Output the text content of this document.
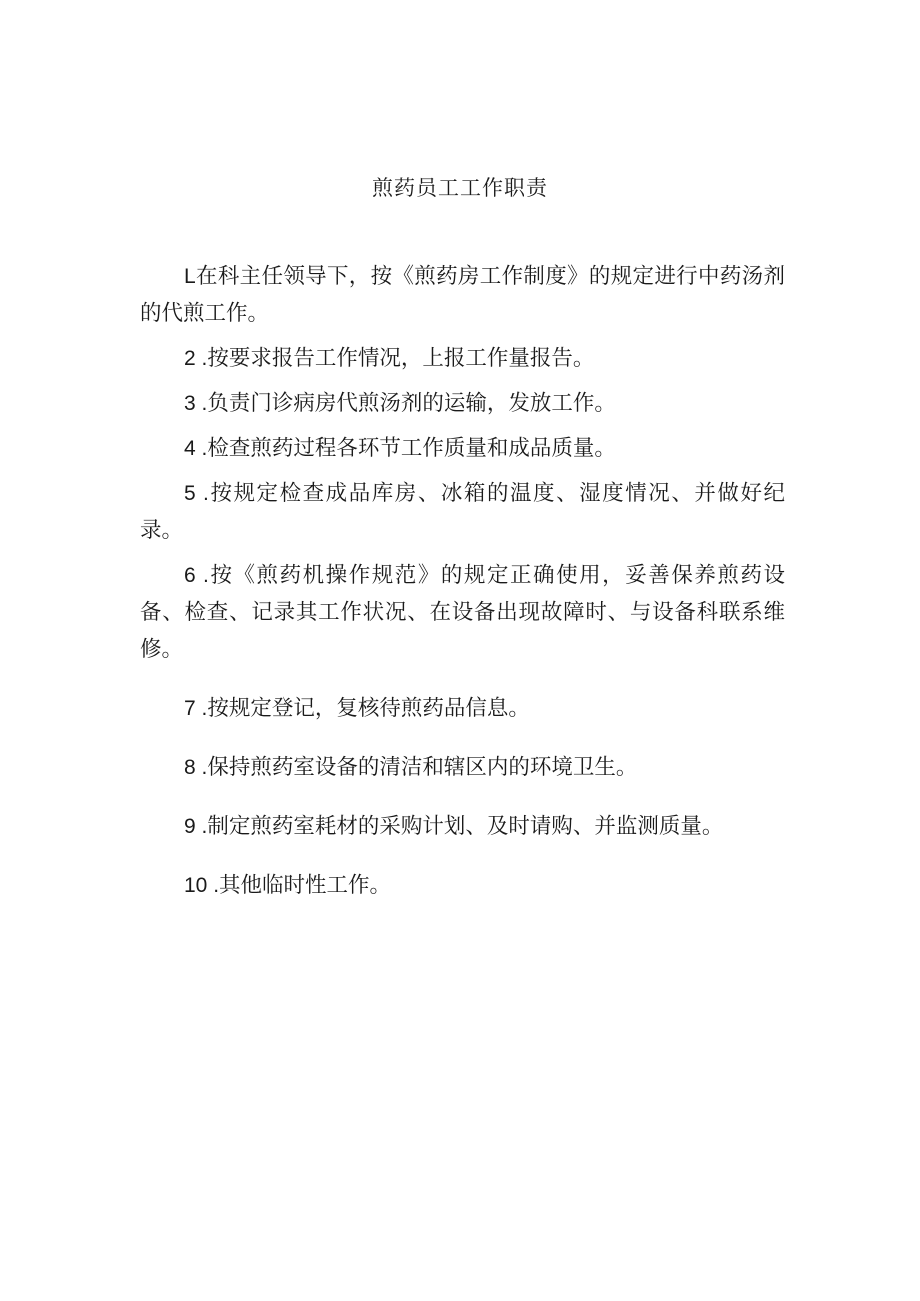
煎药员工工作职责

L在科主任领导下，按《煎药房工作制度》的规定进行中药汤剂的代煎工作。

2 .按要求报告工作情况，上报工作量报告。

3 .负责门诊病房代煎汤剂的运输，发放工作。

4 .检查煎药过程各环节工作质量和成品质量。

5 .按规定检查成品库房、冰箱的温度、湿度情况、并做好纪录。

6 .按《煎药机操作规范》的规定正确使用，妥善保养煎药设备、检查、记录其工作状况、在设备出现故障时、与设备科联系维修。

7 .按规定登记，复核待煎药品信息。

8 .保持煎药室设备的清洁和辖区内的环境卫生。

9 .制定煎药室耗材的采购计划、及时请购、并监测质量。

10 .其他临时性工作。
